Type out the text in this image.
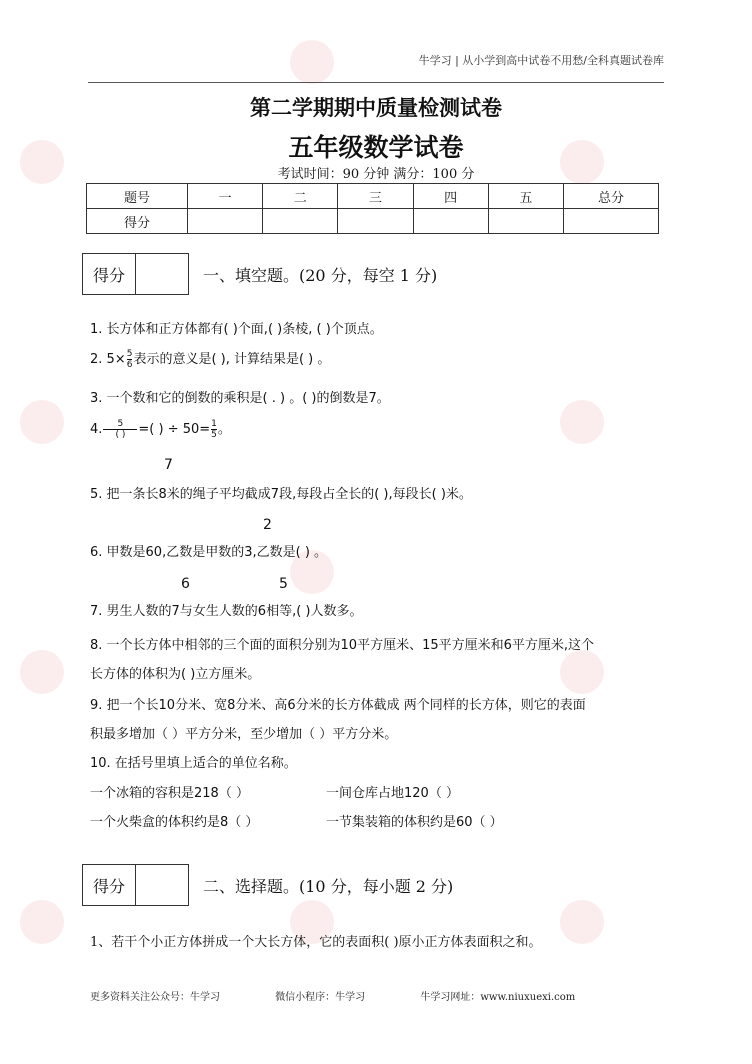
牛学习 | 从小学到高中试卷不用愁/全科真题试卷库
第二学期期中质量检测试卷
五年级数学试卷
考试时间：90 分钟 满分：100 分
题号	一	二	三	四	五	总分
得分						
得分	一、填空题。(20 分，每空 1 分)
1. 长方体和正方体都有( )个面,( )条棱, ( )个顶点。
2. $5\times \frac{5}{6}$ 表示的意义是( ), 计算结果是( ) 。
3. 一个数和它的倒数的乘积是( . ) 。( )的倒数是7。
4. $\frac{5}{( )}$ =( ) ÷ $50= \frac{1}{5}$ 。
7
5. 把一条长8米的绳子平均截成7段,每段占全长的( ),每段长( )米。
2
6. 甲数是60,乙数是甲数的3,乙数是( ) 。
6	5
7. 男生人数的7与女生人数的6相等,( )人数多。
8. 一个长方体中相邻的三个面的面积分别为10平方厘米、15平方厘米和6平方厘米,这个
长方体的体积为( )立方厘米。
9. 把一个长10分米、宽8分米、高6分米的长方体截成 两个同样的长方体，则它的表面
积最多增加（ ）平方分米，至少增加（ ）平方分米。
10. 在括号里填上适合的单位名称。
一个冰箱的容积是218（ ）	一间仓库占地120（ ）
一个火柴盒的体积约是8（ ）	一节集装箱的体积约是60（ ）
得分	二、选择题。(10 分，每小题 2 分)
1、若干个小正方体拼成一个大长方体，它的表面积( )原小正方体表面积之和。
更多资料关注公众号：牛学习	微信小程序：牛学习	牛学习网址：www.niuxuexi.com
